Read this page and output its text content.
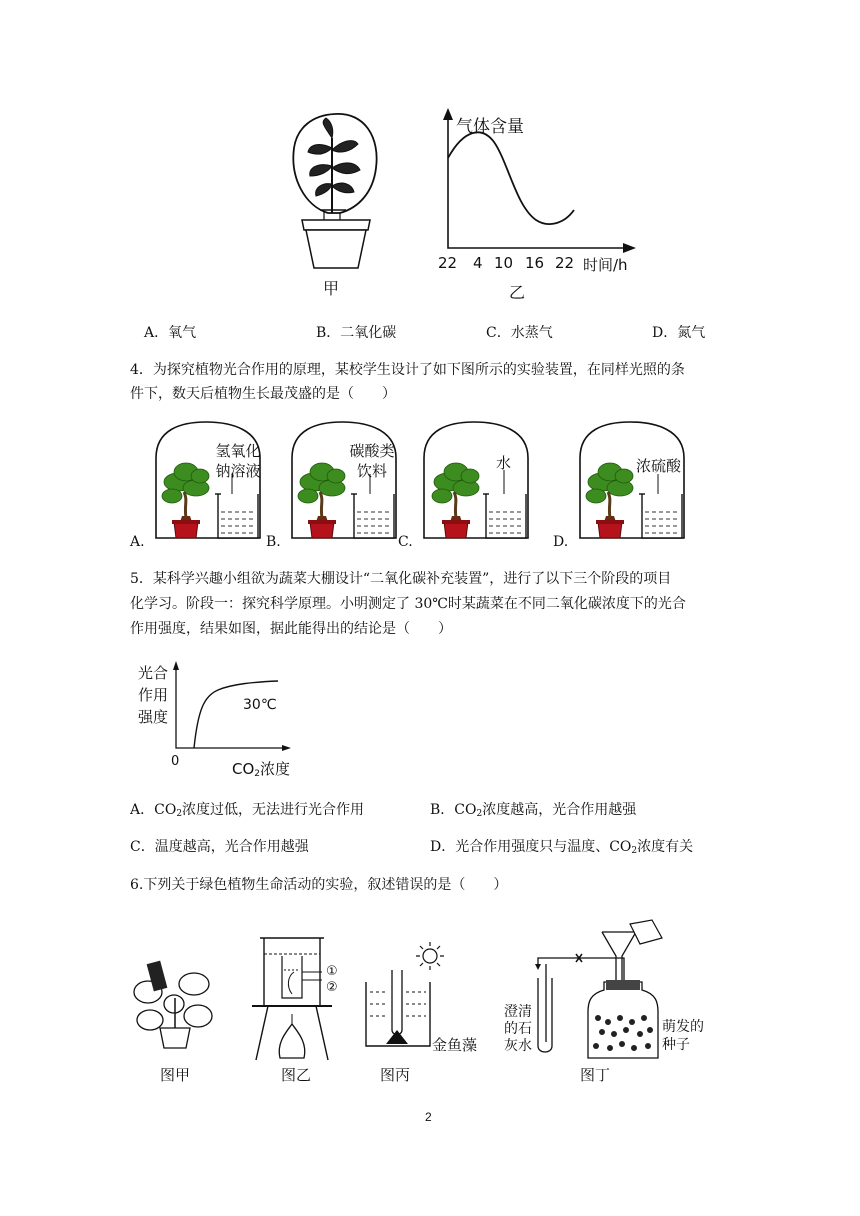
甲
气体含量
22 4 10 16 22 时间/h
乙
A．氧气	B．二氧化碳	C．水蒸气	D．氮气
4．为探究植物光合作用的原理，某校学生设计了如下图所示的实验装置，在同样光照的条
件下，数天后植物生长最茂盛的是（　　）
氢氧化
钠溶液
碳酸类
饮料	水	浓硫酸
A.	B.	C.	D.
5．某科学兴趣小组欲为蔬菜大棚设计“二氧化碳补充装置”，进行了以下三个阶段的项目
化学习。阶段一：探究科学原理。小明测定了 30℃时某蔬菜在不同二氧化碳浓度下的光合
作用强度，结果如图，据此能得出的结论是（　　）
光合
作用
强度
30℃
0	$CO_2$浓度
A．$CO_2$浓度过低，无法进行光合作用	B．$CO_2$浓度越高，光合作用越强
C．温度越高，光合作用越强	D．光合作用强度只与温度、$CO_2$浓度有关
6.下列关于绿色植物生命活动的实验，叙述错误的是（　　）
图甲
①
②
图乙
金鱼藻
图丙
澄清
的石
灰水
萌发的
种子
图丁
2
